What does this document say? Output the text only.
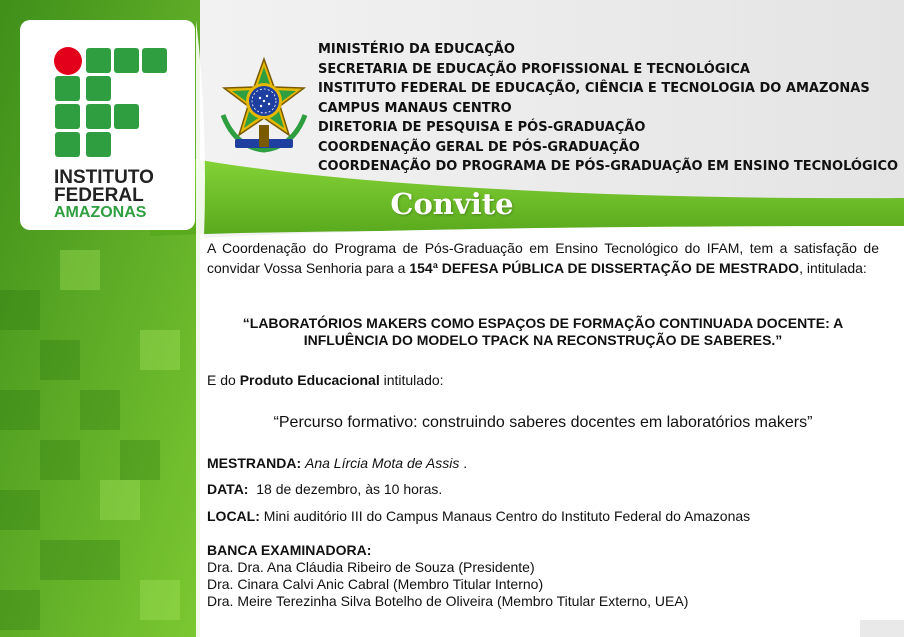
INSTITUTO
FEDERAL
AMAZONAS
MINISTÉRIO DA EDUCAÇÃO
SECRETARIA DE EDUCAÇÃO PROFISSIONAL E TECNOLÓGICA
INSTITUTO FEDERAL DE EDUCAÇÃO, CIÊNCIA E TECNOLOGIA DO AMAZONAS
CAMPUS MANAUS CENTRO
DIRETORIA DE PESQUISA E PÓS-GRADUAÇÃO
COORDENAÇÃO GERAL DE PÓS-GRADUAÇÃO
COORDENAÇÃO DO PROGRAMA DE PÓS-GRADUAÇÃO EM ENSINO TECNOLÓGICO
Convite
A Coordenação do Programa de Pós-Graduação em Ensino Tecnológico do IFAM, tem a satisfação de convidar Vossa Senhoria para a 154ª DEFESA PÚBLICA DE DISSERTAÇÃO DE MESTRADO, intitulada:
“LABORATÓRIOS MAKERS COMO ESPAÇOS DE FORMAÇÃO CONTINUADA DOCENTE: A INFLUÊNCIA DO MODELO TPACK NA RECONSTRUÇÃO DE SABERES.”
E do Produto Educacional intitulado:
“Percurso formativo: construindo saberes docentes em laboratórios makers”
MESTRANDA: Ana Lírcia Mota de Assis .
DATA: 18 de dezembro, às 10 horas.
LOCAL: Mini auditório III do Campus Manaus Centro do Instituto Federal do Amazonas
BANCA EXAMINADORA:
Dra. Dra. Ana Cláudia Ribeiro de Souza (Presidente)
Dra. Cinara Calvi Anic Cabral (Membro Titular Interno)
Dra. Meire Terezinha Silva Botelho de Oliveira (Membro Titular Externo, UEA)
